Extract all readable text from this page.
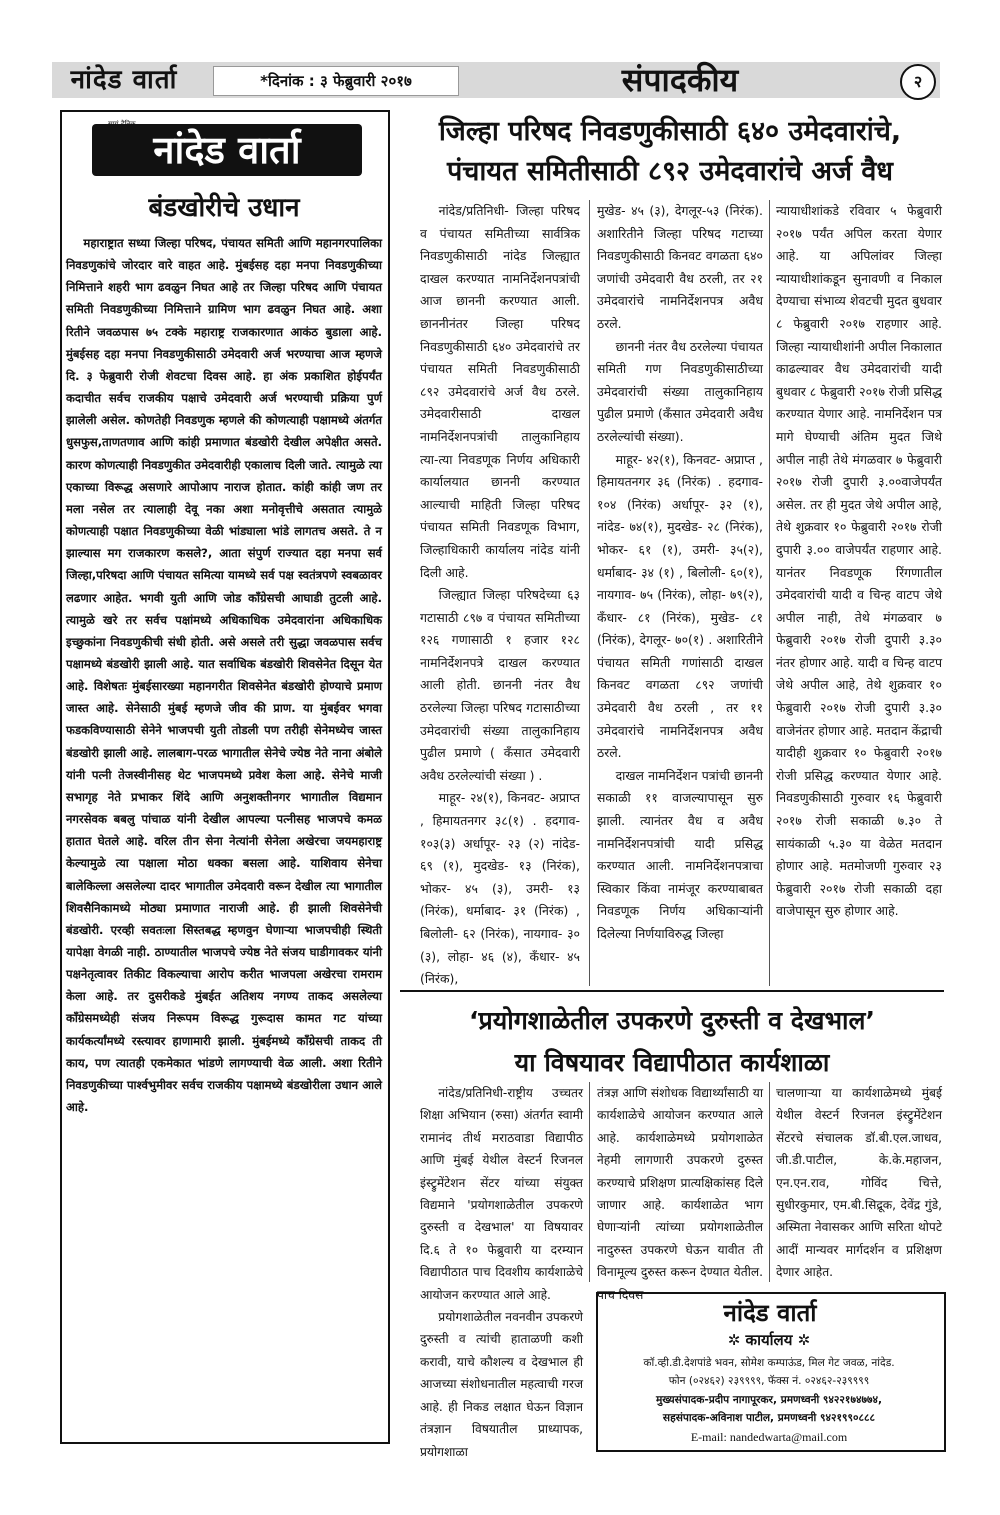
नांदेड वार्ता	*दिनांक : ३ फेब्रुवारी २०१७	संपादकीय	२
नांदेड वार्ता
बंडखोरीचे उधान

महाराष्ट्रात सध्या जिल्हा परिषद, पंचायत समिती आणि महानगरपालिका निवडणुकांचे जोरदार वारे वाहत आहे. मुंबईसह दहा मनपा निवडणुकीच्या निमित्ताने शहरी भाग ढवळुन निघत आहे तर जिल्हा परिषद आणि पंचायत समिती निवडणुकीच्या निमित्ताने ग्रामिण भाग ढवळुन निघत आहे. अशा रितीने जवळपास ७५ टक्के महाराष्ट्र राजकारणात आकंठ बुडाला आहे. मुंबईसह दहा मनपा निवडणुकीसाठी उमेदवारी अर्ज भरण्याचा आज म्हणजे दि. ३ फेब्रुवारी रोजी शेवटचा दिवस आहे. हा अंक प्रकाशित होईपर्यंत कदाचीत सर्वच राजकीय पक्षाचे उमेदवारी अर्ज भरण्याची प्रक्रिया पुर्ण झालेली असेल. कोणतेही निवडणुक म्हणले की कोणत्याही पक्षामध्ये अंतर्गत धुसफुस,ताणतणाव आणि कांही प्रमाणात बंडखोरी देखील अपेक्षीत असते. कारण कोणत्याही निवडणुकीत उमेदवारीही एकालाच दिली जाते. त्यामुळे त्या एकाच्या विरूद्ध असणारे आपोआप नाराज होतात. कांही कांही जण तर मला नसेल तर त्यालाही देवू नका अशा मनोवृत्तीचे असतात त्यामुळे कोणत्याही पक्षात निवडणुकीच्या वेळी भांड्याला भांडे लागतच असते. ते न झाल्यास मग राजकारण कसले?, आता संपुर्ण राज्यात दहा मनपा सर्व जिल्हा,परिषदा आणि पंचायत समित्या यामध्ये सर्व पक्ष स्वतंत्रपणे स्वबळावर लढणार आहेत. भगवी युती आणि जोड कॉंग्रेसची आघाडी तुटली आहे. त्यामुळे खरे तर सर्वच पक्षांमध्ये अधिकाधिक उमेदवारांना अधिकाधिक इच्छुकांना निवडणुकीची संधी होती. असे असले तरी सुद्धा जवळपास सर्वच पक्षामध्ये बंडखोरी झाली आहे. यात सर्वाधिक बंडखोरी शिवसेनेत दिसून येत आहे. विशेषतः मुंबईसारख्या महानगरीत शिवसेनेत बंडखोरी होण्याचे प्रमाण जास्त आहे. सेनेसाठी मुंबई म्हणजे जीव की प्राण. या मुंबईवर भगवा फडकविण्यासाठी सेनेने भाजपची युती तोडली पण तरीही सेनेमध्येच जास्त बंडखोरी झाली आहे. लालबाग-परळ भागातील सेनेचे ज्येष्ठ नेते नाना अंबोले यांनी पत्नी तेजस्वीनीसह थेट भाजपमध्ये प्रवेश केला आहे. सेनेचे माजी सभागृह नेते प्रभाकर शिंदे आणि अनुशक्तीनगर भागातील विद्यमान नगरसेवक बबलु पांचाळ यांनी देखील आपल्या पत्नीसह भाजपचे कमळ हातात घेतले आहे. वरिल तीन सेना नेत्यांनी सेनेला अखेरचा जयमहाराष्ट्र केल्यामुळे त्या पक्षाला मोठा धक्का बसला आहे. याशिवाय सेनेचा बालेकिल्ला असलेल्या दादर भागातील उमेदवारी वरून देखील त्या भागातील शिवसैनिकामध्ये मोठ्या प्रमाणात नाराजी आहे. ही झाली शिवसेनेची बंडखोरी. एरव्ही सवतःला सिस्तबद्ध म्हणवुन घेणाऱ्या भाजपचीही स्थिती यापेक्षा वेगळी नाही. ठाण्यातील भाजपचे ज्येष्ठ नेते संजय घाडीगावकर यांनी पक्षनेतृत्वावर तिकीट विकल्याचा आरोप करीत भाजपला अखेरचा रामराम केला आहे. तर दुसरीकडे मुंबईत अतिशय नगण्य ताकद असलेल्या कॉंग्रेसमध्येही संजय निरूपम विरूद्ध गुरूदास कामत गट यांच्या कार्यकर्त्यांमध्ये रस्त्यावर हाणामारी झाली. मुंबईमध्ये कॉंग्रेसची ताकद ती काय, पण त्यातही एकमेकात भांडणे लागण्याची वेळ आली. अशा रितीने निवडणुकीच्या पार्श्वभुमीवर सर्वच राजकीय पक्षामध्ये बंडखोरीला उधान आले आहे.

जिल्हा परिषद निवडणुकीसाठी ६४० उमेदवारांचे,
पंचायत समितीसाठी ८९२ उमेदवारांचे अर्ज वैध

नांदेड/प्रतिनिधी- जिल्हा परिषद व पंचायत समितीच्या सार्वत्रिक निवडणुकीसाठी नांदेड जिल्ह्यात दाखल करण्यात नामनिर्देशनपत्रांची आज छाननी करण्यात आली. छाननीनंतर जिल्हा परिषद निवडणुकीसाठी ६४० उमेदवारांचे तर पंचायत समिती निवडणुकीसाठी ८९२ उमेदवारांचे अर्ज वैध ठरले. उमेदवारीसाठी दाखल नामनिर्देशनपत्रांची तालुकानिहाय त्या-त्या निवडणूक निर्णय अधिकारी कार्यालयात छाननी करण्यात आल्याची माहिती जिल्हा परिषद पंचायत समिती निवडणूक विभाग, जिल्हाधिकारी कार्यालय नांदेड यांनी दिली आहे.

जिल्ह्यात जिल्हा परिषदेच्या ६३ गटासाठी ८९७ व पंचायत समितीच्या १२६ गणासाठी १ हजार १२८ नामनिर्देशनपत्रे दाखल करण्यात आली होती. छाननी नंतर वैध ठरलेल्या जिल्हा परिषद गटासाठीच्या उमेदवारांची संख्या तालुकानिहाय पुढील प्रमाणे ( कँसात उमेदवारी अवैध ठरलेल्यांची संख्या ) .

माहूर- २४(१), किनवट- अप्राप्त , हिमायतनगर ३८(१) . हदगाव- १०३(३) अर्धापूर- २३ (२) नांदेड- ६९ (१), मुदखेड- १३ (निरंक), भोकर- ४५ (३), उमरी- १३ (निरंक), धर्माबाद- ३१ (निरंक) , बिलोली- ६२ (निरंक), नायगाव- ३० (३), लोहा- ४६ (४), कँधार- ४५ (निरंक),

मुखेड- ४५ (३), देगलूर-५३ (निरंक). अशारितीने जिल्हा परिषद गटाच्या निवडणुकीसाठी किनवट वगळता ६४० जणांची उमेदवारी वैध ठरली, तर २१ उमेदवारांचे नामनिर्देशनपत्र अवैध ठरले.

छाननी नंतर वैध ठरलेल्या पंचायत समिती गण निवडणुकीसाठीच्या उमेदवारांची संख्या तालुकानिहाय पुढील प्रमाणे (कँसात उमेदवारी अवैध ठरलेल्यांची संख्या).

माहूर- ४२(१), किनवट- अप्राप्त , हिमायतनगर ३६ (निरंक) . हदगाव- १०४ (निरंक) अर्धापूर- ३२ (१), नांदेड- ७४(१), मुदखेड- २८ (निरंक), भोकर- ६१ (१), उमरी- ३५(२), धर्माबाद- ३४ (१) , बिलोली- ६०(१), नायगाव- ७५ (निरंक), लोहा- ७९(२), कँधार- ८१ (निरंक), मुखेड- ८१ (निरंक), देगलूर- ७०(१) . अशारितीने पंचायत समिती गणांसाठी दाखल किनवट वगळता ८९२ जणांची उमेदवारी वैध ठरली , तर ११ उमेदवारांचे नामनिर्देशनपत्र अवैध ठरले.

दाखल नामनिर्देशन पत्रांची छाननी सकाळी ११ वाजल्यापासून सुरु झाली. त्यानंतर वैध व अवैध नामनिर्देशनपत्रांची यादी प्रसिद्ध करण्यात आली. नामनिर्देशनपत्राचा स्विकार किंवा नामंजूर करण्याबाबत निवडणूक निर्णय अधिकाऱ्यांनी दिलेल्या निर्णयाविरुद्ध जिल्हा

न्यायाधीशांकडे रविवार ५ फेब्रुवारी २०१७ पर्यंत अपिल करता येणार आहे. या अपिलांवर जिल्हा न्यायाधीशांकडून सुनावणी व निकाल देण्याचा संभाव्य शेवटची मुदत बुधवार ८ फेब्रुवारी २०१७ राहणार आहे. जिल्हा न्यायाधीशांनी अपील निकालात काढल्यावर वैध उमेदवारांची यादी बुधवार ८ फेब्रुवारी २०१७ रोजी प्रसिद्ध करण्यात येणार आहे. नामनिर्देशन पत्र मागे घेण्याची अंतिम मुदत जिथे अपील नाही तेथे मंगळवार ७ फेब्रुवारी २०१७ रोजी दुपारी ३.००वाजेपर्यंत असेल. तर ही मुदत जेथे अपील आहे, तेथे शुक्रवार १० फेब्रुवारी २०१७ रोजी दुपारी ३.०० वाजेपर्यंत राहणार आहे. यानंतर निवडणूक रिंगणातील उमेदवारांची यादी व चिन्ह वाटप जेथे अपील नाही, तेथे मंगळवार ७ फेब्रुवारी २०१७ रोजी दुपारी ३.३० नंतर होणार आहे. यादी व चिन्ह वाटप जेथे अपील आहे, तेथे शुक्रवार १० फेब्रुवारी २०१७ रोजी दुपारी ३.३० वाजेनंतर होणार आहे. मतदान केंद्राची यादीही शुक्रवार १० फेब्रुवारी २०१७ रोजी प्रसिद्ध करण्यात येणार आहे. निवडणुकीसाठी गुरुवार १६ फेब्रुवारी २०१७ रोजी सकाळी ७.३० ते सायंकाळी ५.३० या वेळेत मतदान होणार आहे. मतमोजणी गुरुवार २३ फेब्रुवारी २०१७ रोजी सकाळी दहा वाजेपासून सुरु होणार आहे.

‘प्रयोगशाळेतील उपकरणे दुरुस्ती व देखभाल’
या विषयावर विद्यापीठात कार्यशाळा

नांदेड/प्रतिनिधी-राष्ट्रीय उच्चतर शिक्षा अभियान (रुसा) अंतर्गत स्वामी रामानंद तीर्थ मराठवाडा विद्यापीठ आणि मुंबई येथील वेस्टर्न रिजनल इंस्ट्रुमेंटेशन सेंटर यांच्या संयुक्त विद्यमाने 'प्रयोगशाळेतील उपकरणे दुरुस्ती व देखभाल' या विषयावर दि.६ ते १० फेब्रुवारी या दरम्यान विद्यापीठात पाच दिवशीय कार्यशाळेचे आयोजन करण्यात आले आहे.

प्रयोगशाळेतील नवनवीन उपकरणे दुरुस्ती व त्यांची हाताळणी कशी करावी, याचे कौशल्य व देखभाल ही आजच्या संशोधनातील महत्वाची गरज आहे. ही निकड लक्षात घेऊन विज्ञान तंत्रज्ञान विषयातील प्राध्यापक, प्रयोगशाळा

तंत्रज्ञ आणि संशोधक विद्यार्थ्यांसाठी या कार्यशाळेचे आयोजन करण्यात आले आहे. कार्यशाळेमध्ये प्रयोगशाळेत नेहमी लागणारी उपकरणे दुरुस्त करण्याचे प्रशिक्षण प्रात्यक्षिकांसह दिले जाणार आहे. कार्यशाळेत भाग घेणाऱ्यांनी त्यांच्या प्रयोगशाळेतील नादुरुस्त उपकरणे घेऊन यावीत ती विनामूल्य दुरुस्त करून देण्यात येतील. पाच दिवस

चालणाऱ्या या कार्यशाळेमध्ये मुंबई येथील वेस्टर्न रिजनल इंस्ट्रुमेंटेशन सेंटरचे संचालक डॉ.बी.एल.जाधव, जी.डी.पाटील, के.के.महाजन, एन.एन.राव, गोविंद चित्ते, सुधीरकुमार, एम.बी.सिद्रूक, देवेंद्र गुंडे, अस्मिता नेवासकर आणि सरिता थोपटे आदीं मान्यवर मार्गदर्शन व प्रशिक्षण देणार आहेत.

नांदेड वार्ता
✲ कार्यालय ✲
कॉ.व्ही.डी.देशपांडे भवन, सोमेश कम्पाऊंड, मिल गेट जवळ, नांदेड.
फोन (०२४६२) २३९९९९, फॅक्स नं. ०२४६२-२३९९९९
मुख्यसंपादक-प्रदीप नागापूरकर, प्रमणध्वनी ९४२२१७४७७४,
सहसंपादक-अविनाश पाटील, प्रमणध्वनी ९४२१९९०८८८
E-mail: nandedwarta@mail.com
